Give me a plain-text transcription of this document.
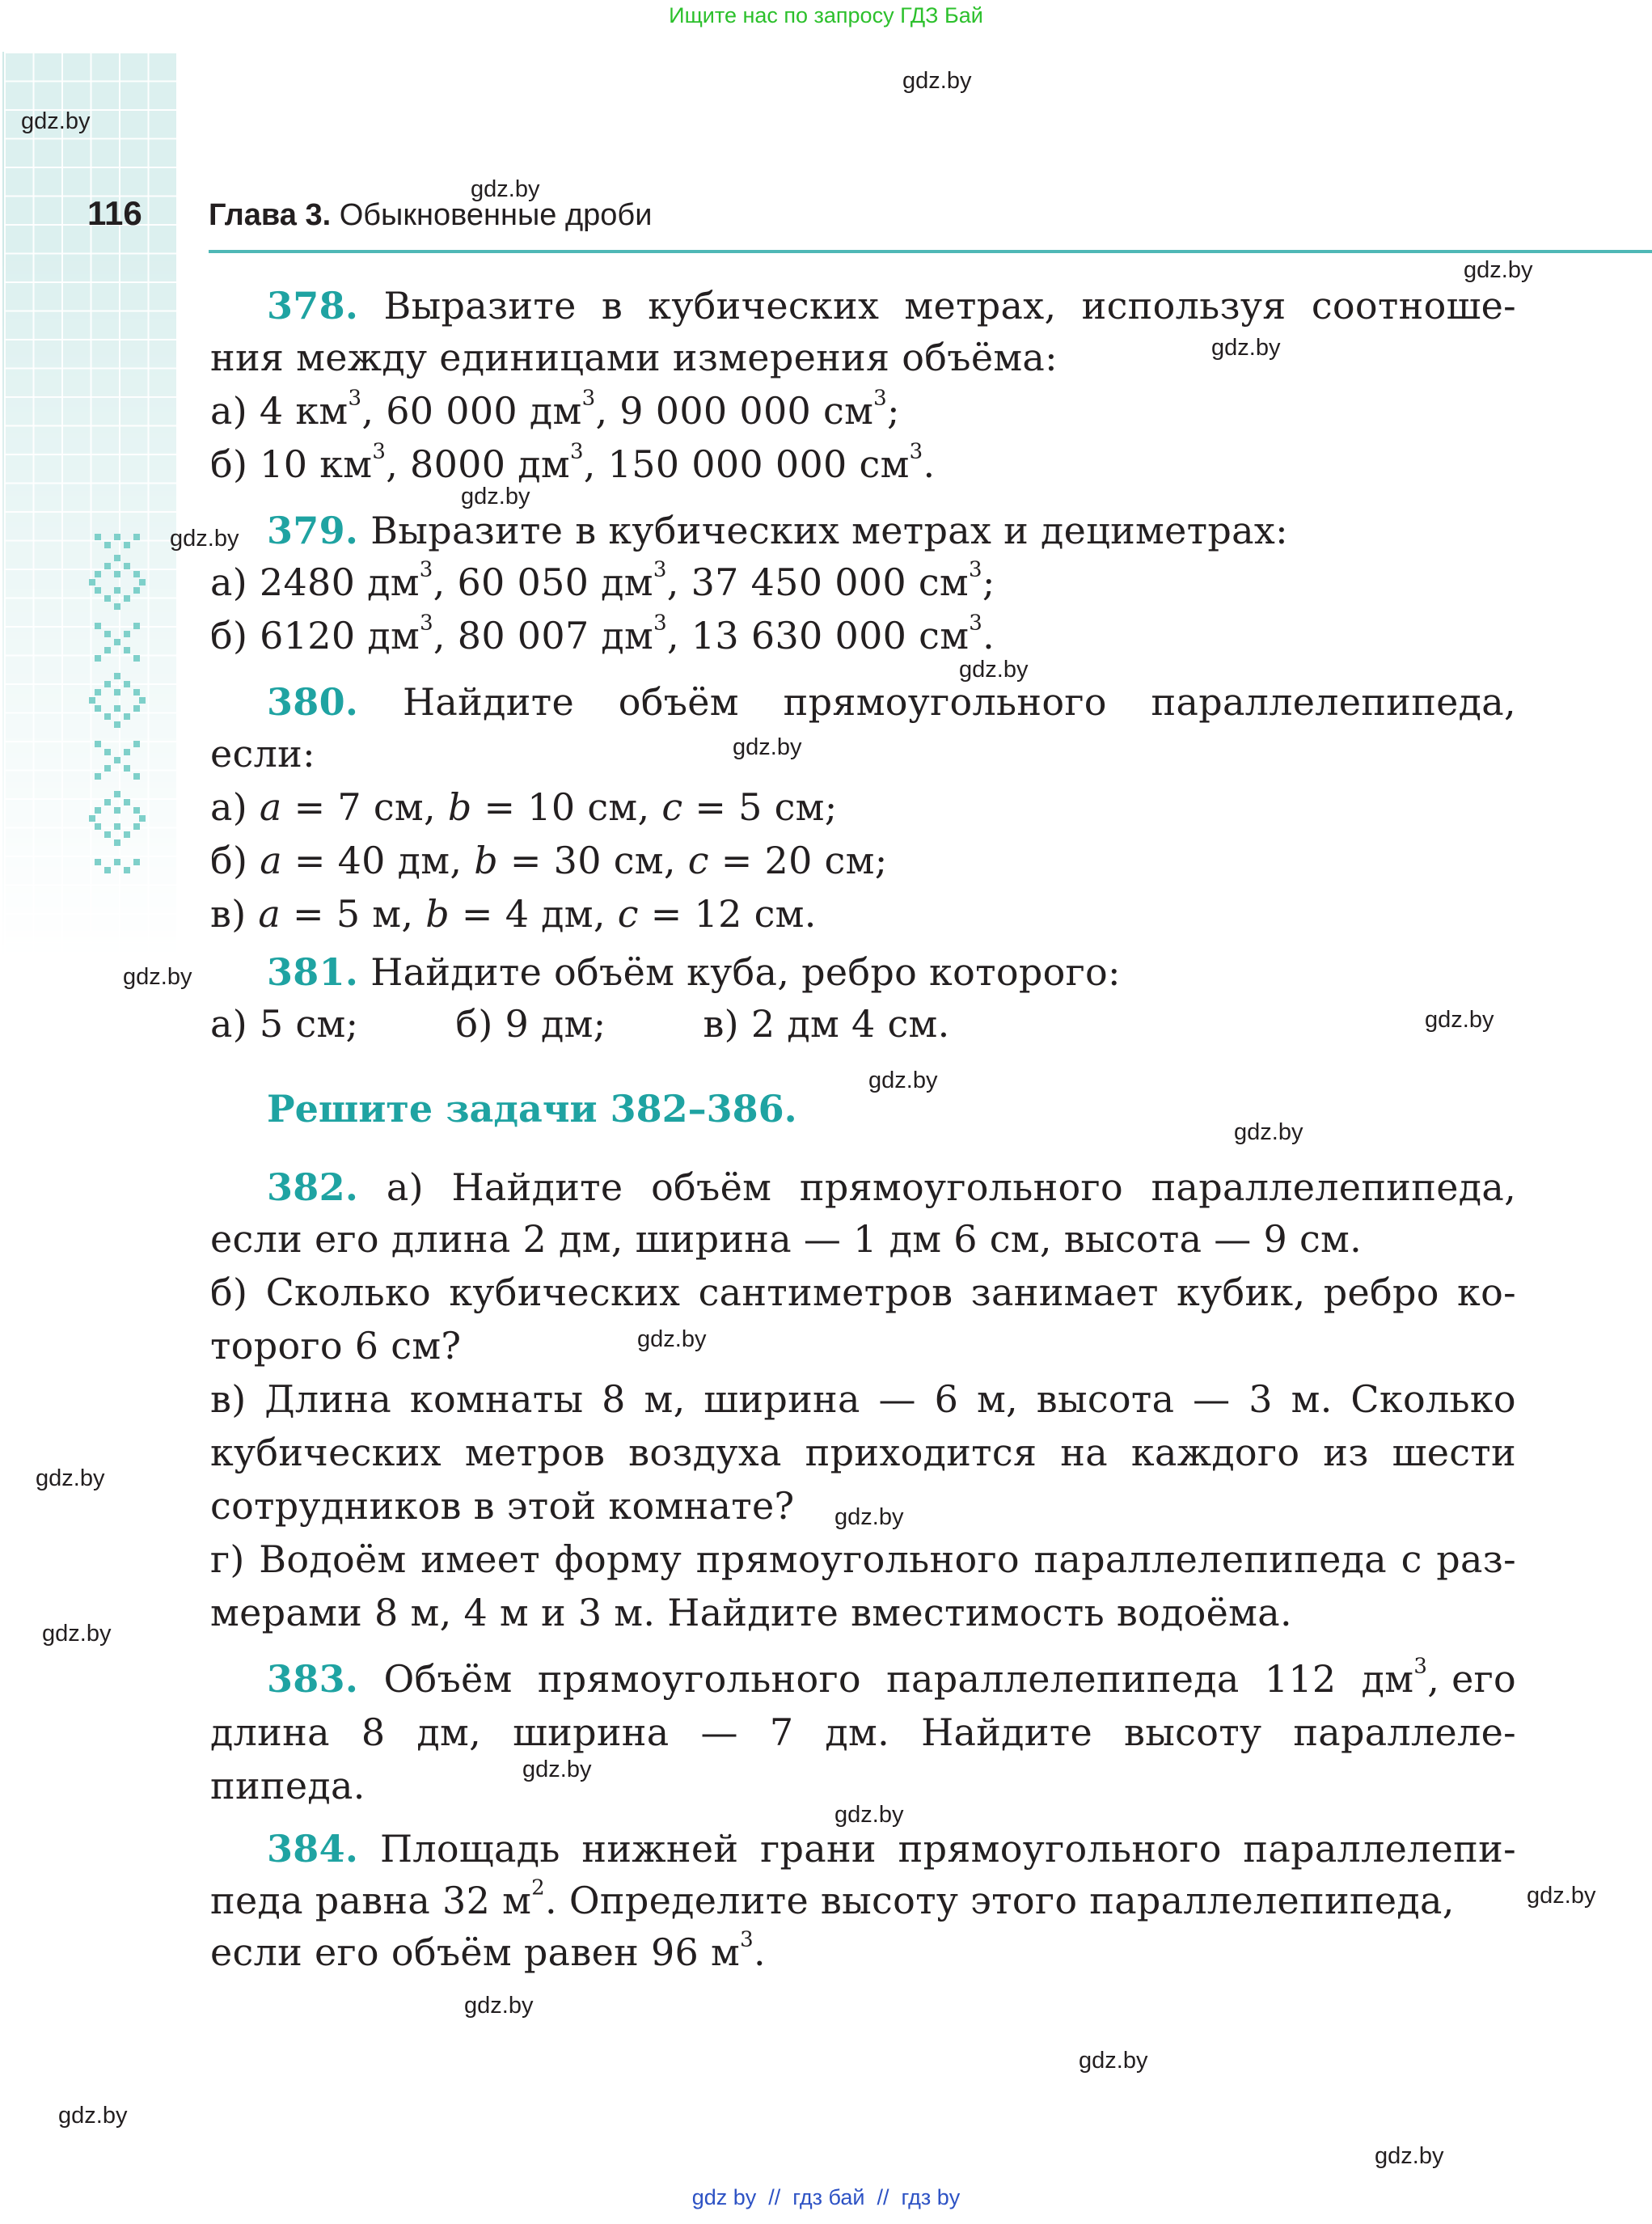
Ищите нас по запросу ГДЗ Бай
116 Глава 3. Обыкновенные дроби
378. Выразите в кубических метрах, используя соотноше-
ния между единицами измерения объёма:
а) 4 $км^3$, 60 000 $дм^3$, 9 000 000 $см^3$;
б) 10 $км^3$, 8000 $дм^3$, 150 000 000 $см^3$.
379. Выразите в кубических метрах и дециметрах:
а) 2480 $дм^3$, 60 050 $дм^3$, 37 450 000 $см^3$;
б) 6120 $дм^3$, 80 007 $дм^3$, 13 630 000 $см^3$.
380. Найдите объём прямоугольного параллелепипеда,
если:
а) a = 7 см, b = 10 см, c = 5 см;
б) a = 40 дм, b = 30 см, c = 20 см;
в) a = 5 м, b = 4 дм, c = 12 см.
381. Найдите объём куба, ребро которого:
а) 5 см;	б) 9 дм;	в) 2 дм 4 см.
Решите задачи 382–386.
382. а) Найдите объём прямоугольного параллелепипеда,
если его длина 2 дм, ширина — 1 дм 6 см, высота — 9 см.
б) Сколько кубических сантиметров занимает кубик, ребро ко-
торого 6 см?
в) Длина комнаты 8 м, ширина — 6 м, высота — 3 м. Сколько
кубических метров воздуха приходится на каждого из шести
сотрудников в этой комнате?
г) Водоём имеет форму прямоугольного параллелепипеда с раз-
мерами 8 м, 4 м и 3 м. Найдите вместимость водоёма.
383. Объём прямоугольного параллелепипеда 112 $дм^3$, его
длина 8 дм, ширина — 7 дм. Найдите высоту параллеле-
пипеда.
384. Площадь нижней грани прямоугольного параллелепи-
педа равна 32 $м^2$. Определите высоту этого параллелепипеда,
если его объём равен 96 $м^3$.
gdz.by
gdz.by
gdz.by
gdz.by
gdz.by
gdz.by
gdz.by
gdz.by
gdz.by
gdz.by
gdz.by
gdz.by
gdz.by
gdz.by
gdz.by
gdz.by
gdz.by
gdz.by
gdz.by
gdz.by
gdz.by
gdz.by
gdz.by
gdz.by
gdz by  //  гдз бай  //  гдз by
